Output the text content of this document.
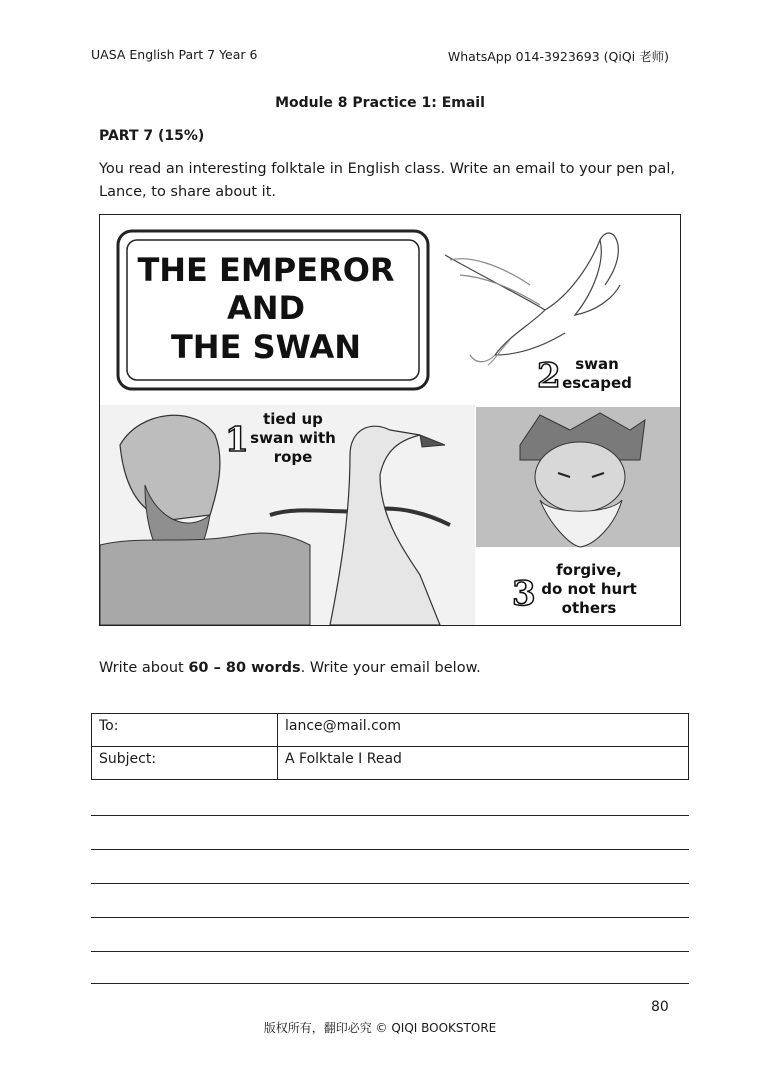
UASA English Part 7 Year 6	WhatsApp 014-3923693 (QiQi 老师)
Module 8 Practice 1: Email
PART 7 (15%)
You read an interesting folktale in English class. Write an email to your pen pal, Lance, to share about it.
THE EMPEROR
AND
THE SWAN
2 swan
escaped
1
tied up
swan with
rope
3
forgive,
do not hurt
others
Write about 60 – 80 words. Write your email below.
To:	lance@mail.com
Subject:	A Folktale I Read
80
版权所有，翻印必究 © QIQI BOOKSTORE
